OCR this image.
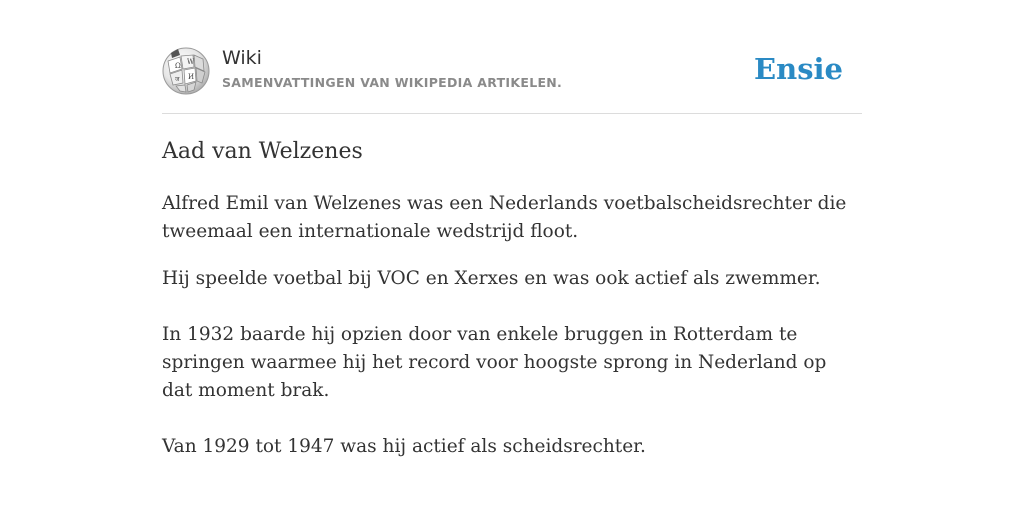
Ω W
И
ज
Wiki
SAMENVATTINGEN VAN WIKIPEDIA ARTIKELEN.	Ensie
Aad van Welzenes

Alfred Emil van Welzenes was een Nederlands voetbalscheidsrechter die tweemaal een internationale wedstrijd floot.

Hij speelde voetbal bij VOC en Xerxes en was ook actief als zwemmer.

In 1932 baarde hij opzien door van enkele bruggen in Rotterdam te springen waarmee hij het record voor hoogste sprong in Nederland op dat moment brak.

Van 1929 tot 1947 was hij actief als scheidsrechter.
